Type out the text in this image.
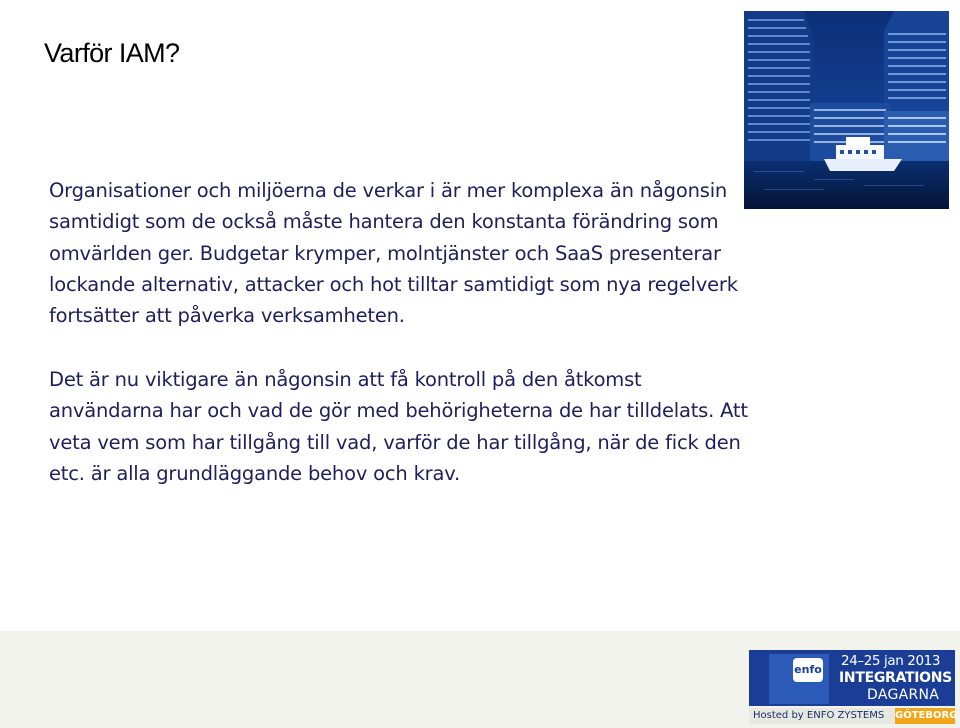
Varför IAM?
Organisationer och miljöerna de verkar i är mer komplexa än någonsin samtidigt som de också måste hantera den konstanta förändring som omvärlden ger. Budgetar krymper, molntjänster och SaaS presenterar lockande alternativ, attacker och hot tilltar samtidigt som nya regelverk fortsätter att påverka verksamheten.
Det är nu viktigare än någonsin att få kontroll på den åtkomst användarna har och vad de gör med behörigheterna de har tilldelats. Att veta vem som har tillgång till vad, varför de har tillgång, när de fick den etc. är alla grundläggande behov och krav.
enfo
24–25 jan 2013
INTEGRATIONS
DAGARNA
Hosted by ENFO ZYSTEMS	GÖTEBORG
